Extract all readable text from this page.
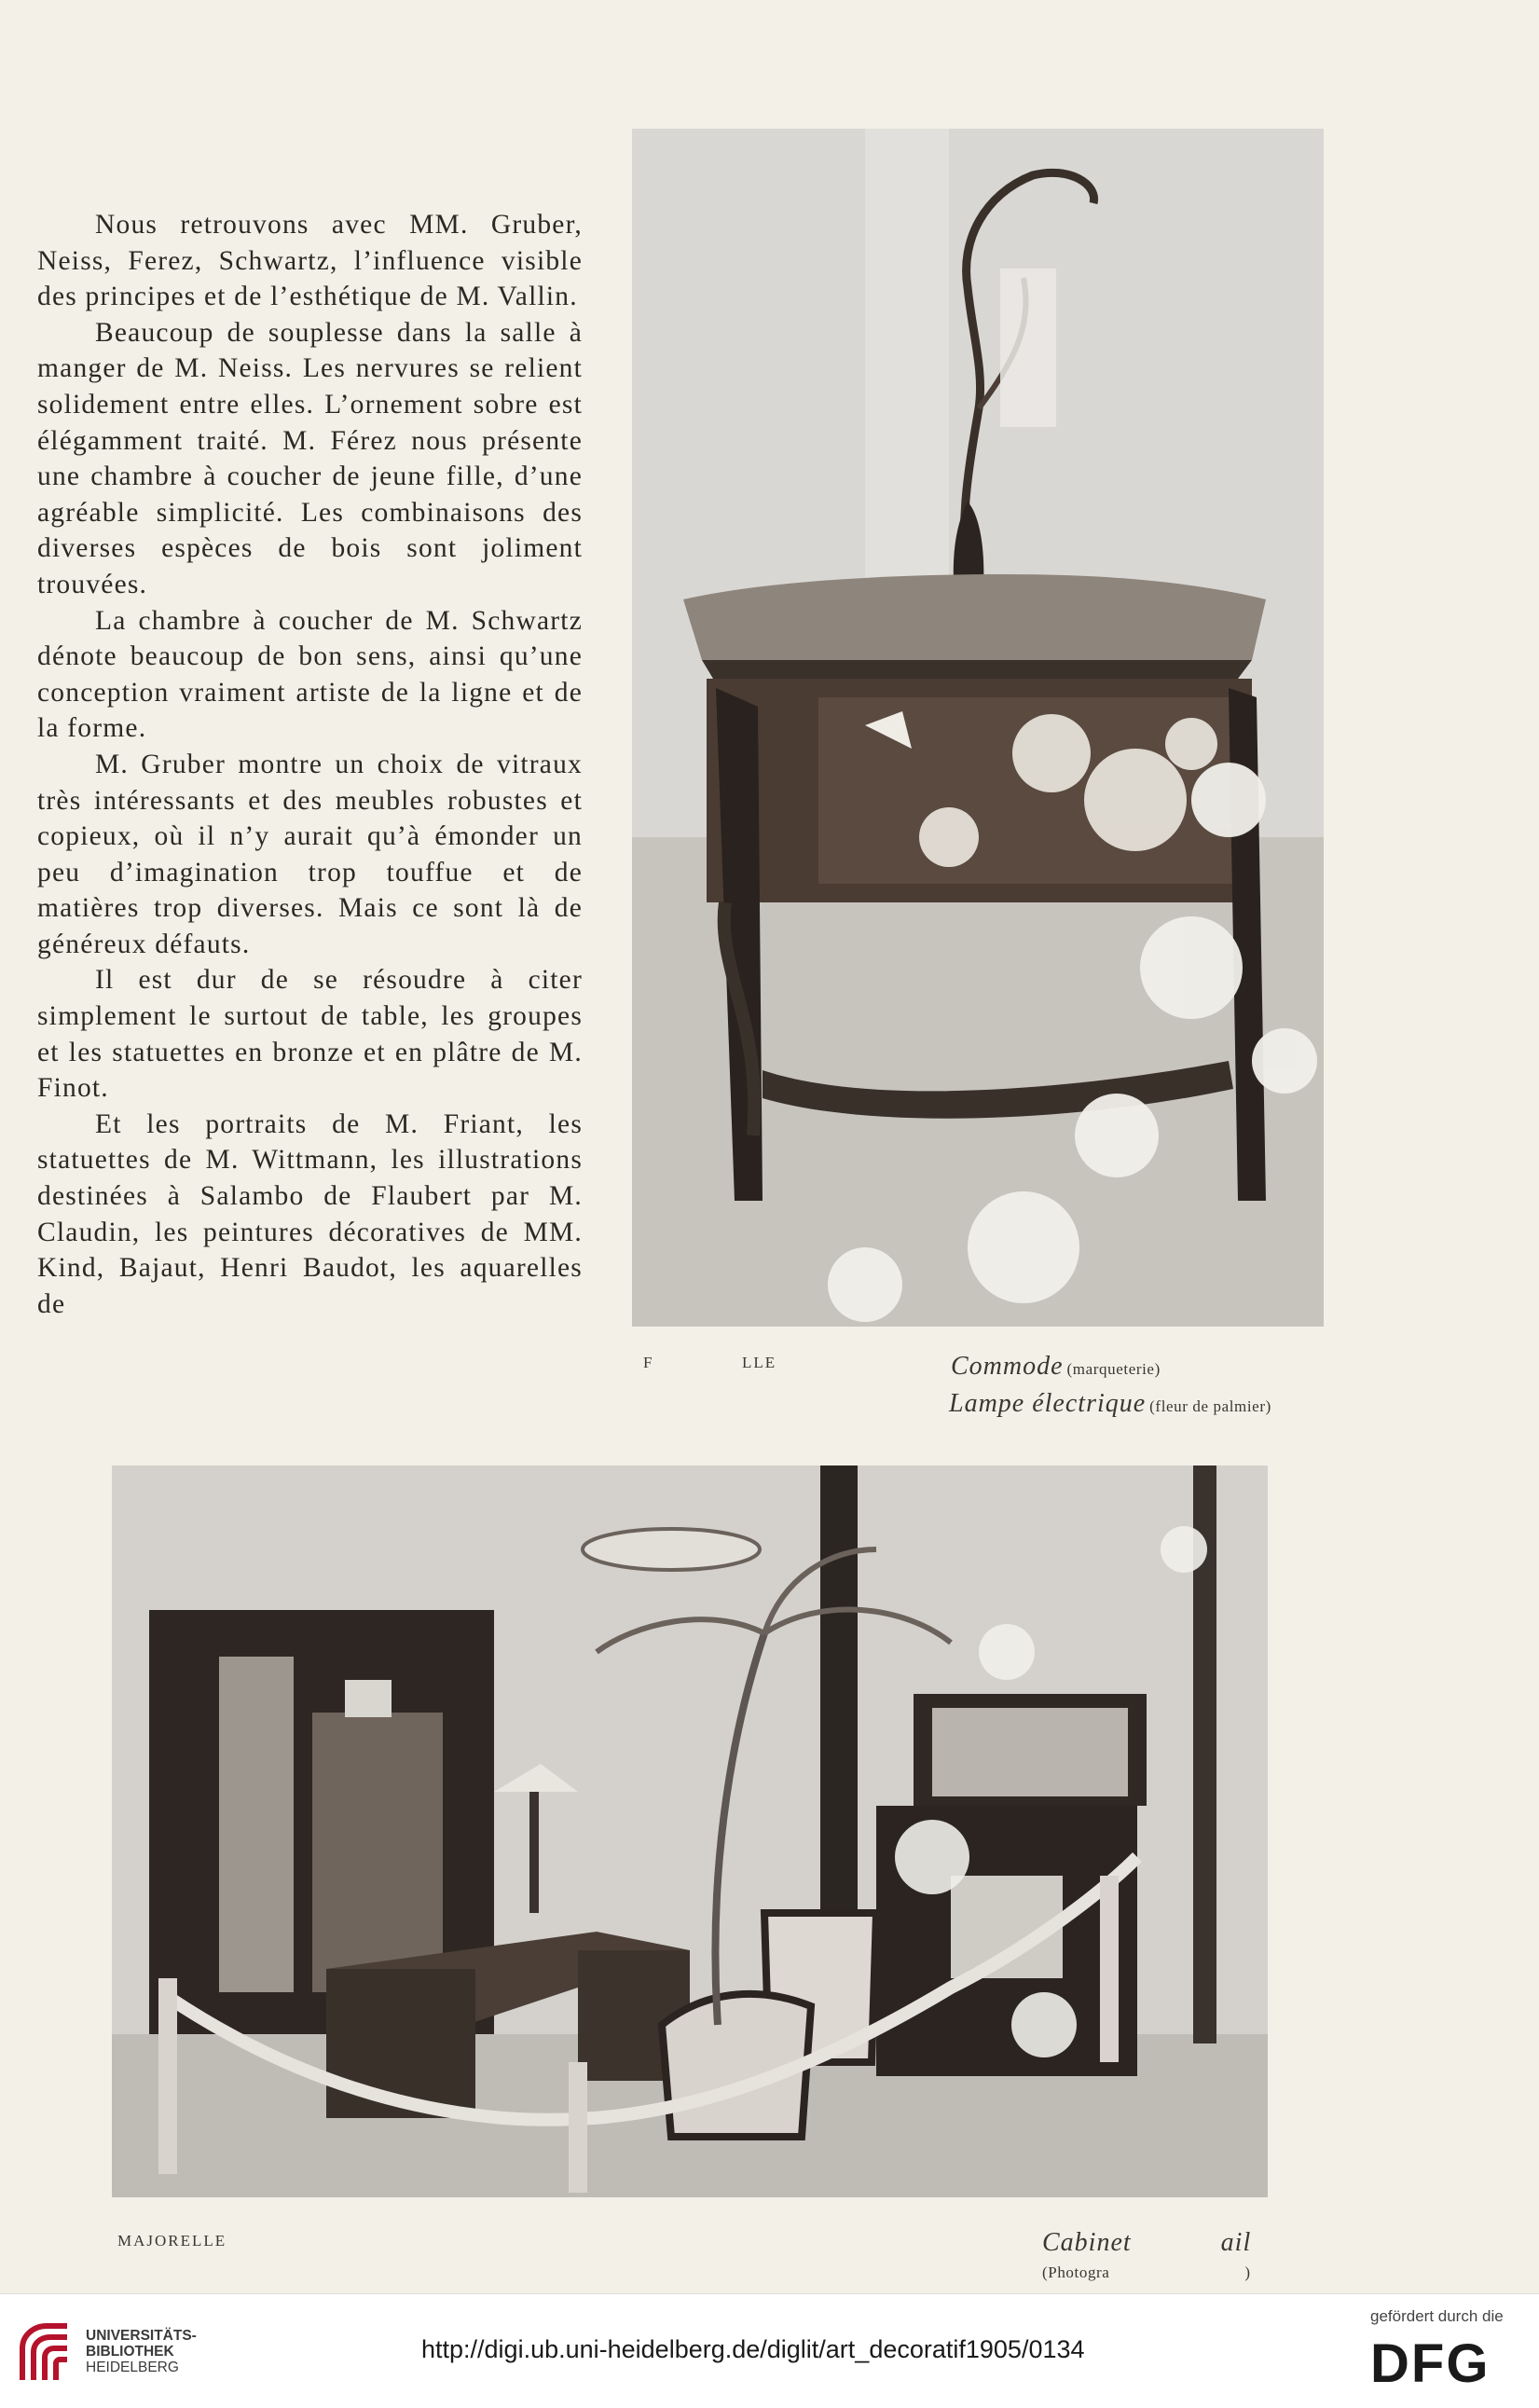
Nous retrouvons avec MM. Gruber, Neiss, Ferez, Schwartz, l’influence visible des principes et de l’esthétique de M. Vallin.

Beaucoup de souplesse dans la salle à manger de M. Neiss. Les nervures se relient solidement entre elles. L’ornement sobre est élégamment traité. M. Férez nous présente une chambre à coucher de jeune fille, d’une agréable simplicité. Les combinaisons des diverses espèces de bois sont joliment trouvées.

La chambre à coucher de M. Schwartz dénote beaucoup de bon sens, ainsi qu’une conception vraiment artiste de la ligne et de la forme.

M. Gruber montre un choix de vitraux très intéressants et des meubles robustes et copieux, où il n’y aurait qu’à émonder un peu d’imagination trop touffue et de matières trop diverses. Mais ce sont là de généreux défauts.

Il est dur de se résoudre à citer simplement le surtout de table, les groupes et les statuettes en bronze et en plâtre de M. Finot.

Et les portraits de M. Friant, les statuettes de M. Wittmann, les illustrations destinées à Salambo de Flaubert par M. Claudin, les peintures décoratives de MM. Kind, Bajaut, Henri Baudot, les aquarelles de

F	LLE	Commode (marqueterie)
Lampe électrique (fleur de palmier)
MAJORELLE	Cabinet	ail
(Photogra	)
UNIVERSITÄTS-
BIBLIOTHEK
HEIDELBERG
http://digi.ub.uni-heidelberg.de/diglit/art_decoratif1905/0134
gefördert durch die
DFG
